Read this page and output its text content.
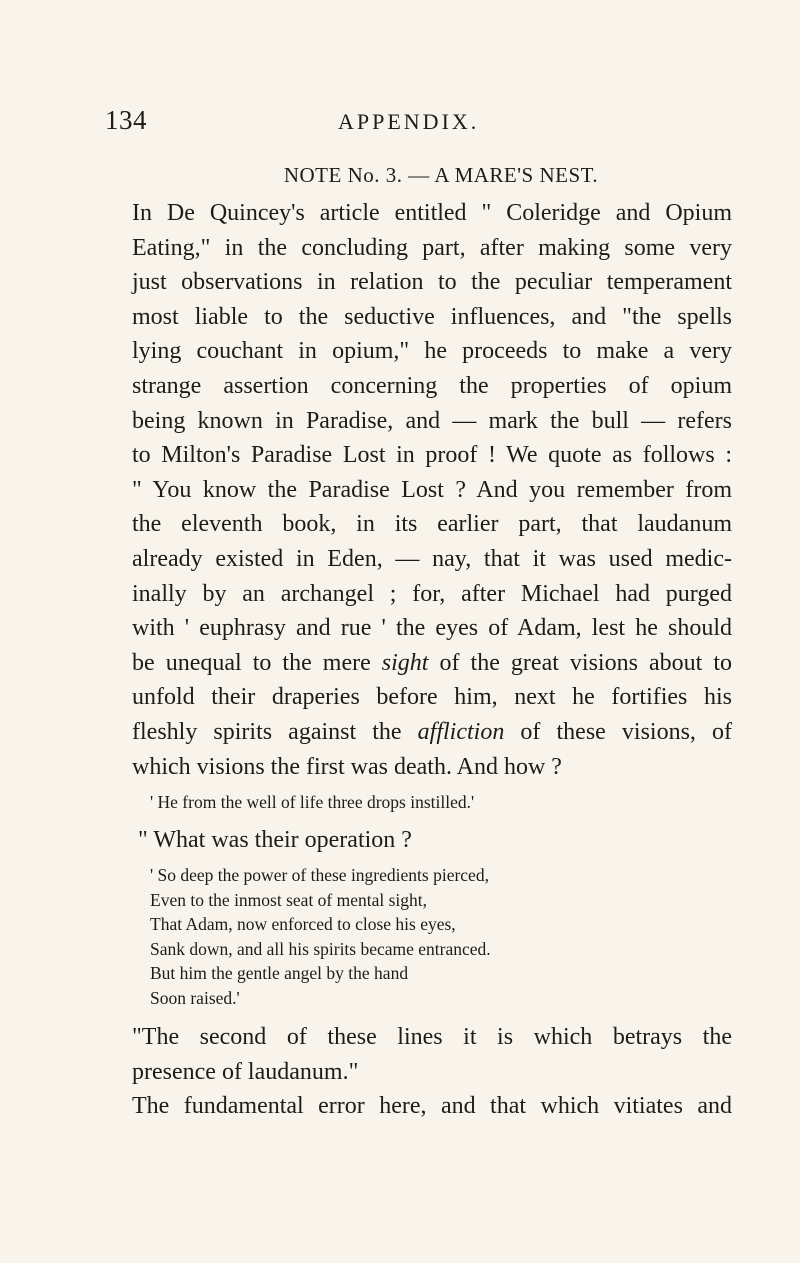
134	APPENDIX.
NOTE No. 3. — A MARE'S NEST.
In De Quincey's article entitled " Coleridge and Opium
Eating," in the concluding part, after making some very
just observations in relation to the peculiar temperament
most liable to the seductive influences, and "the spells
lying couchant in opium," he proceeds to make a very
strange assertion concerning the properties of opium
being known in Paradise, and — mark the bull — refers
to Milton's Paradise Lost in proof ! We quote as follows :
" You know the Paradise Lost ? And you remember from
the eleventh book, in its earlier part, that laudanum
already existed in Eden, — nay, that it was used medic-
inally by an archangel ; for, after Michael had purged
with ' euphrasy and rue ' the eyes of Adam, lest he should
be unequal to the mere sight of the great visions about to
unfold their draperies before him, next he fortifies his
fleshly spirits against the affliction of these visions, of
which visions the first was death. And how ?
' He from the well of life three drops instilled.'
" What was their operation ?
' So deep the power of these ingredients pierced,
Even to the inmost seat of mental sight,
That Adam, now enforced to close his eyes,
Sank down, and all his spirits became entranced.
But him the gentle angel by the hand
Soon raised.'
"The second of these lines it is which betrays the
presence of laudanum."
The fundamental error here, and that which vitiates and
